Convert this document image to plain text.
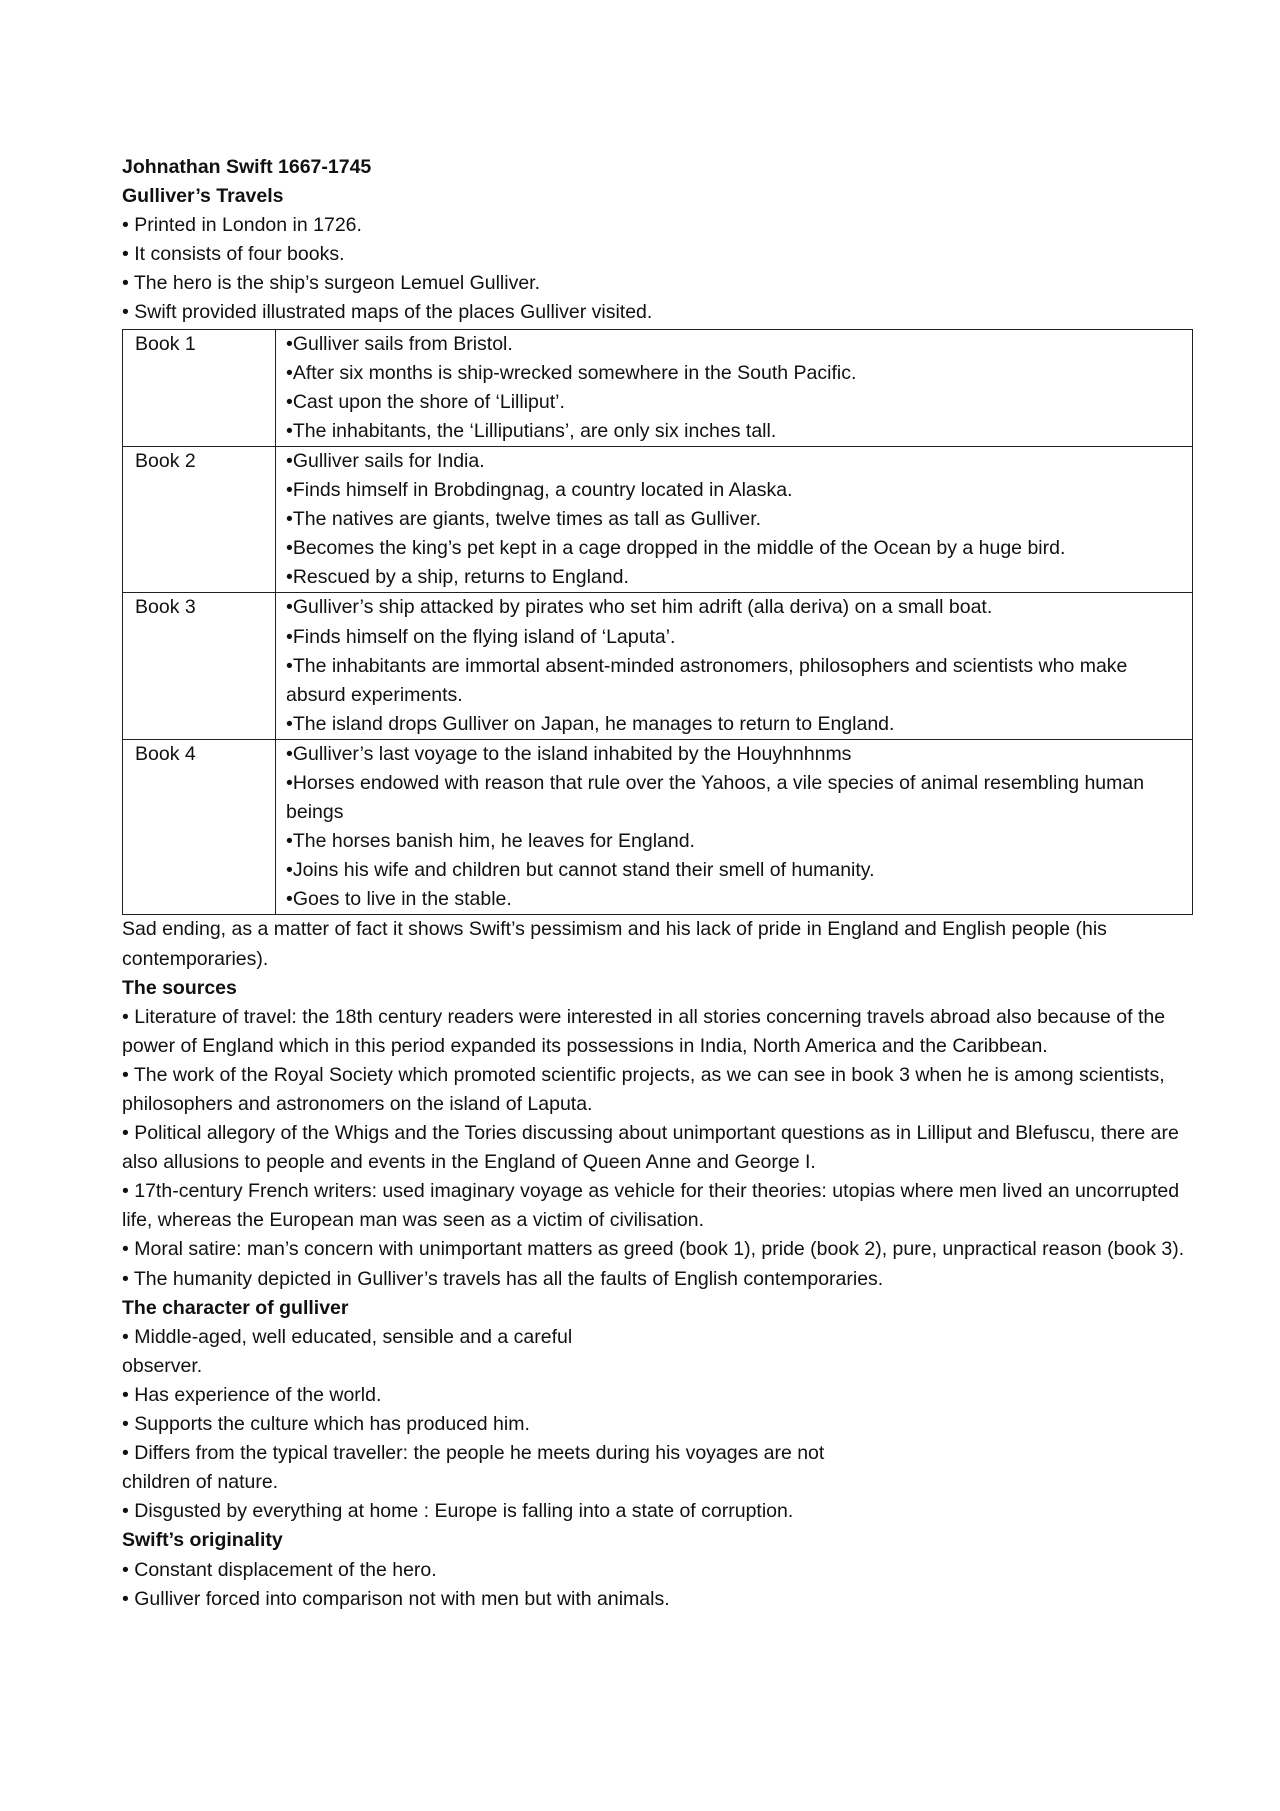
Johnathan Swift 1667-1745
Gulliver’s Travels
• Printed in London in 1726.
• It consists of four books.
• The hero is the ship’s surgeon Lemuel Gulliver.
• Swift provided illustrated maps of the places Gulliver visited.
Book 1	•Gulliver sails from Bristol.
•After six months is ship-wrecked somewhere in the South Pacific.
•Cast upon the shore of ‘Lilliput’.
•The inhabitants, the ‘Lilliputians’, are only six inches tall.

Book 2	•Gulliver sails for India.
•Finds himself in Brobdingnag, a country located in Alaska.
•The natives are giants, twelve times as tall as Gulliver.
•Becomes the king’s pet kept in a cage dropped in the middle of the Ocean by a huge bird.
•Rescued by a ship, returns to England.

Book 3	•Gulliver’s ship attacked by pirates who set him adrift (alla deriva) on a small boat.
•Finds himself on the flying island of ‘Laputa’.
•The inhabitants are immortal absent-minded astronomers, philosophers and scientists who make absurd experiments.
•The island drops Gulliver on Japan, he manages to return to England.

Book 4	•Gulliver’s last voyage to the island inhabited by the Houyhnhnms
•Horses endowed with reason that rule over the Yahoos, a vile species of animal resembling human beings
•The horses banish him, he leaves for England.
•Joins his wife and children but cannot stand their smell of humanity.
•Goes to live in the stable.
Sad ending, as a matter of fact it shows Swift’s pessimism and his lack of pride in England and English people (his contemporaries).
The sources
• Literature of travel: the 18th century readers were interested in all stories concerning travels abroad also because of the power of England which in this period expanded its possessions in India, North America and the Caribbean.
• The work of the Royal Society which promoted scientific projects, as we can see in book 3 when he is among scientists, philosophers and astronomers on the island of Laputa.
• Political allegory of the Whigs and the Tories discussing about unimportant questions as in Lilliput and Blefuscu, there are also allusions to people and events in the England of Queen Anne and George I.
• 17th-century French writers: used imaginary voyage as vehicle for their theories: utopias where men lived an uncorrupted life, whereas the European man was seen as a victim of civilisation.
• Moral satire: man’s concern with unimportant matters as greed (book 1), pride (book 2), pure, unpractical reason (book 3).
• The humanity depicted in Gulliver’s travels has all the faults of English contemporaries.
The character of gulliver
• Middle-aged, well educated, sensible and a careful
observer.
• Has experience of the world.
• Supports the culture which has produced him.
• Differs from the typical traveller: the people he meets during his voyages are not
children of nature.
• Disgusted by everything at home : Europe is falling into a state of corruption.
Swift’s originality
• Constant displacement of the hero.
• Gulliver forced into comparison not with men but with animals.
